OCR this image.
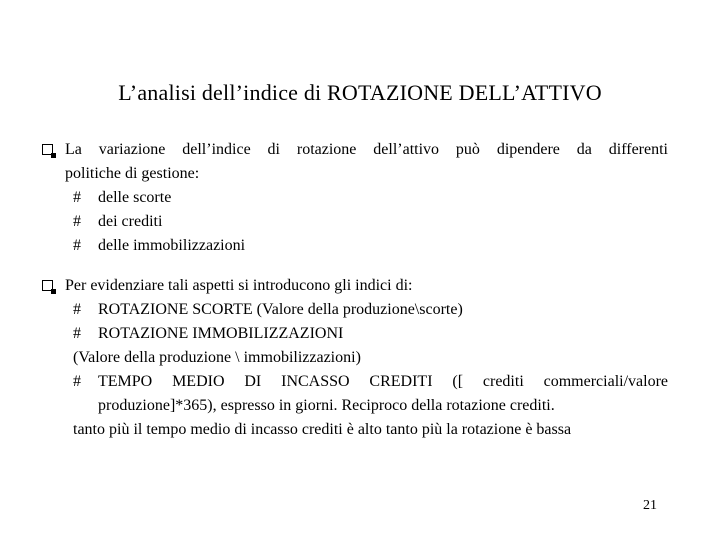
L’analisi dell’indice di ROTAZIONE DELL’ATTIVO
La variazione dell’indice di rotazione dell’attivo può dipendere da differenti
politiche di gestione:
# delle scorte
# dei crediti
# delle immobilizzazioni
Per evidenziare tali aspetti si introducono gli indici di:
# ROTAZIONE SCORTE (Valore della produzione\scorte)
# ROTAZIONE IMMOBILIZZAZIONI
(Valore della produzione \ immobilizzazioni)
# TEMPO MEDIO DI INCASSO CREDITI ([ crediti commerciali/valore
produzione]*365), espresso in giorni. Reciproco della rotazione crediti.
tanto più il tempo medio di incasso crediti è alto tanto più la rotazione è bassa
21
